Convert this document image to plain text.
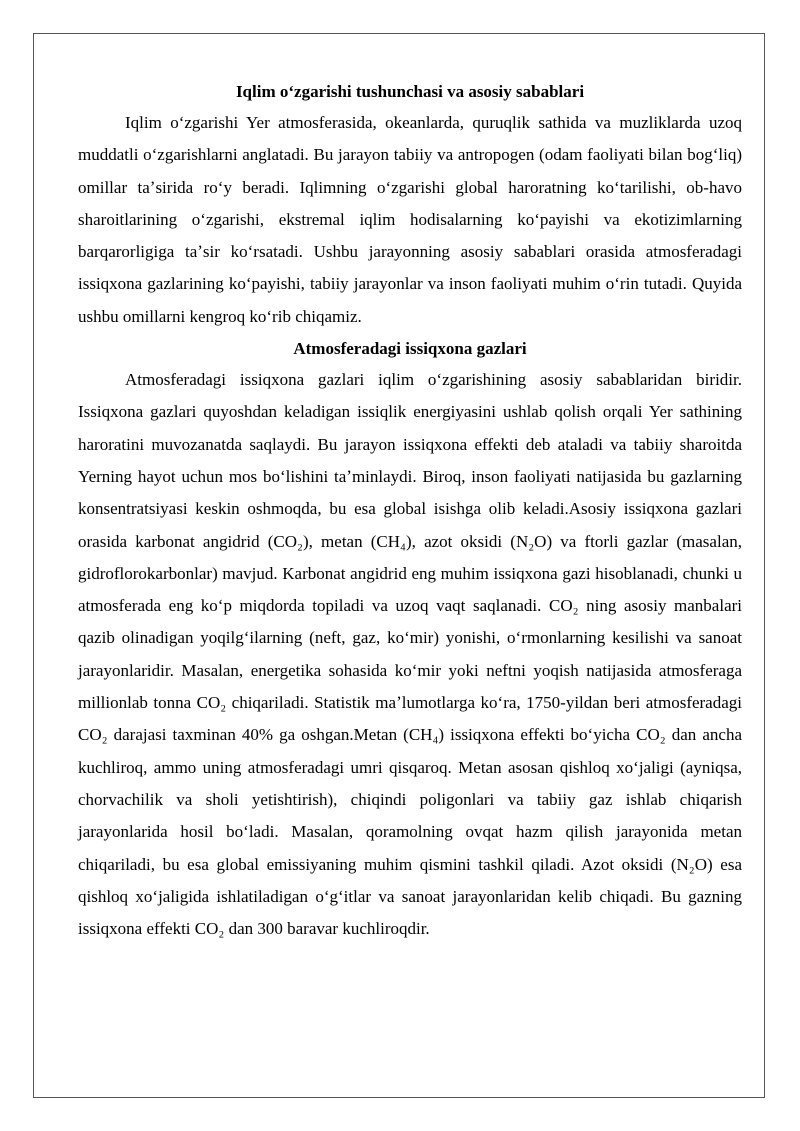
Iqlim oʻzgarishi tushunchasi va asosiy sabablari

Iqlim oʻzgarishi Yer atmosferasida, okeanlarda, quruqlik sathida va muzliklarda uzoq muddatli oʻzgarishlarni anglatadi. Bu jarayon tabiiy va antropogen (odam faoliyati bilan bogʻliq) omillar taʼsirida roʻy beradi. Iqlimning oʻzgarishi global haroratning koʻtarilishi, ob-havo sharoitlarining oʻzgarishi, ekstremal iqlim hodisalarning koʻpayishi va ekotizimlarning barqarorligiga taʼsir koʻrsatadi. Ushbu jarayonning asosiy sabablari orasida atmosferadagi issiqxona gazlarining koʻpayishi, tabiiy jarayonlar va inson faoliyati muhim oʻrin tutadi. Quyida ushbu omillarni kengroq koʻrib chiqamiz.

Atmosferadagi issiqxona gazlari

Atmosferadagi issiqxona gazlari iqlim oʻzgarishining asosiy sabablaridan biridir. Issiqxona gazlari quyoshdan keladigan issiqlik energiyasini ushlab qolish orqali Yer sathining haroratini muvozanatda saqlaydi. Bu jarayon issiqxona effekti deb ataladi va tabiiy sharoitda Yerning hayot uchun mos boʻlishini taʼminlaydi. Biroq, inson faoliyati natijasida bu gazlarning konsentratsiyasi keskin oshmoqda, bu esa global isishga olib keladi.Asosiy issiqxona gazlari orasida karbonat angidrid (CO₂), metan (CH₄), azot oksidi (N₂O) va ftorli gazlar (masalan, gidroflorokarbonlar) mavjud. Karbonat angidrid eng muhim issiqxona gazi hisoblanadi, chunki u atmosferada eng koʻp miqdorda topiladi va uzoq vaqt saqlanadi. CO₂ ning asosiy manbalari qazib olinadigan yoqilgʻilarning (neft, gaz, koʻmir) yonishi, oʻrmonlarning kesilishi va sanoat jarayonlaridir. Masalan, energetika sohasida koʻmir yoki neftni yoqish natijasida atmosferaga millionlab tonna CO₂ chiqariladi. Statistik maʼlumotlarga koʻra, 1750-yildan beri atmosferadagi CO₂ darajasi taxminan 40% ga oshgan.Metan (CH₄) issiqxona effekti boʻyicha CO₂ dan ancha kuchliroq, ammo uning atmosferadagi umri qisqaroq. Metan asosan qishloq xoʻjaligi (ayniqsa, chorvachilik va sholi yetishtirish), chiqindi poligonlari va tabiiy gaz ishlab chiqarish jarayonlarida hosil boʻladi. Masalan, qoramolning ovqat hazm qilish jarayonida metan chiqariladi, bu esa global emissiyaning muhim qismini tashkil qiladi. Azot oksidi (N₂O) esa qishloq xoʻjaligida ishlatiladigan oʻgʻitlar va sanoat jarayonlaridan kelib chiqadi. Bu gazning issiqxona effekti CO₂ dan 300 baravar kuchliroqdir.
